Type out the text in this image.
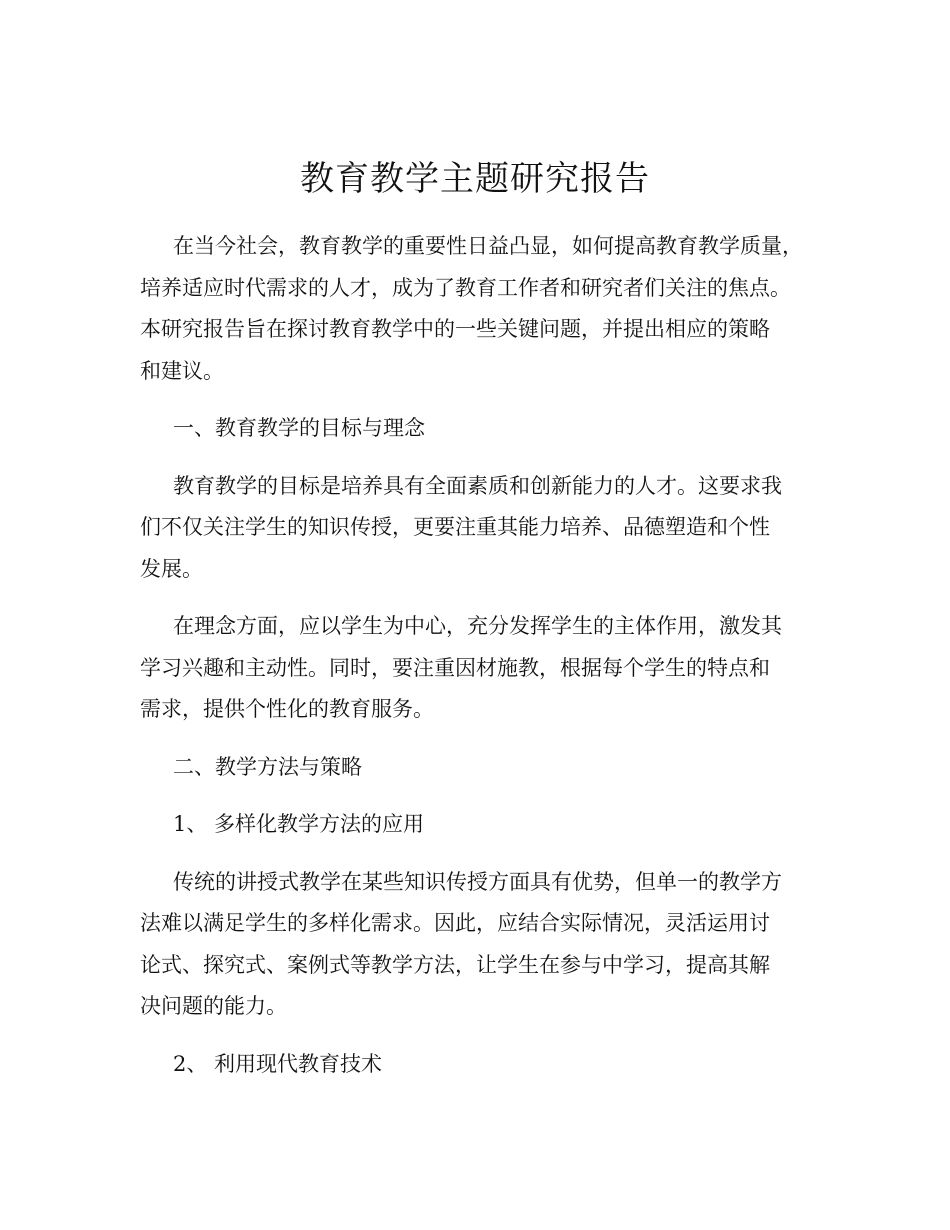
教育教学主题研究报告
在当今社会，教育教学的重要性日益凸显，如何提高教育教学质量，
培养适应时代需求的人才，成为了教育工作者和研究者们关注的焦点。
本研究报告旨在探讨教育教学中的一些关键问题，并提出相应的策略
和建议。
一、教育教学的目标与理念
教育教学的目标是培养具有全面素质和创新能力的人才。这要求我
们不仅关注学生的知识传授，更要注重其能力培养、品德塑造和个性
发展。
在理念方面，应以学生为中心，充分发挥学生的主体作用，激发其
学习兴趣和主动性。同时，要注重因材施教，根据每个学生的特点和
需求，提供个性化的教育服务。
二、教学方法与策略
1、 多样化教学方法的应用
传统的讲授式教学在某些知识传授方面具有优势，但单一的教学方
法难以满足学生的多样化需求。因此，应结合实际情况，灵活运用讨
论式、探究式、案例式等教学方法，让学生在参与中学习，提高其解
决问题的能力。
2、 利用现代教育技术
